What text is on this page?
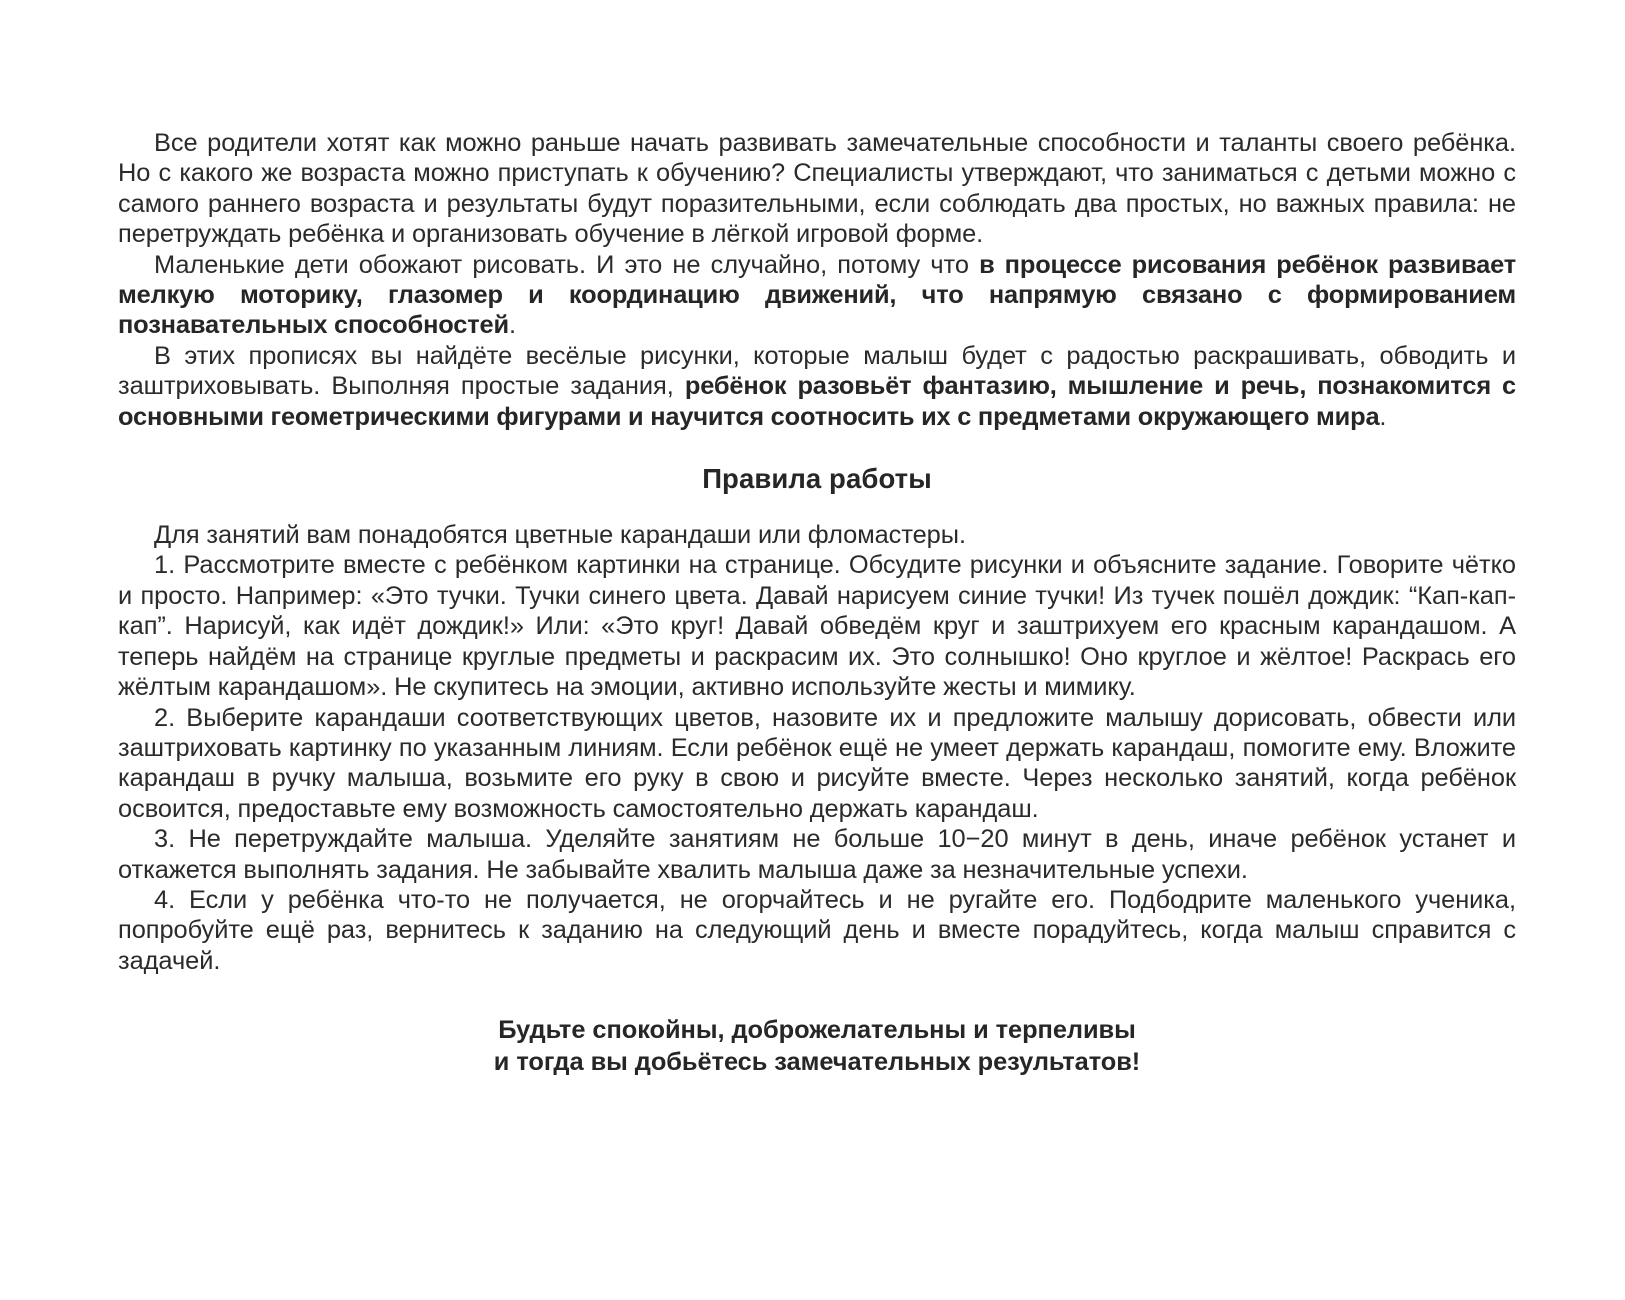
Все родители хотят как можно раньше начать развивать замечательные способности и таланты своего ребёнка. Но с какого же возраста можно приступать к обучению? Специалисты утверждают, что заниматься с детьми можно с самого раннего возраста и результаты будут поразительными, если соблюдать два простых, но важных правила: не перетруждать ребёнка и организовать обучение в лёгкой игровой форме.

Маленькие дети обожают рисовать. И это не случайно, потому что в процессе рисования ребёнок развивает мелкую моторику, глазомер и координацию движений, что напрямую связано с формированием познавательных способностей.

В этих прописях вы найдёте весёлые рисунки, которые малыш будет с радостью раскрашивать, обводить и заштриховывать. Выполняя простые задания, ребёнок разовьёт фантазию, мышление и речь, познакомится с основными геометрическими фигурами и научится соотносить их с предметами окружающего мира.

Правила работы

Для занятий вам понадобятся цветные карандаши или фломастеры.

1. Рассмотрите вместе с ребёнком картинки на странице. Обсудите рисунки и объясните задание. Говорите чётко и просто. Например: «Это тучки. Тучки синего цвета. Давай нарисуем синие тучки! Из тучек пошёл дождик: “Кап-кап-кап”. Нарисуй, как идёт дождик!» Или: «Это круг! Давай обведём круг и заштрихуем его красным карандашом. А теперь найдём на странице круглые предметы и раскрасим их. Это солнышко! Оно круглое и жёлтое! Раскрась его жёлтым карандашом». Не скупитесь на эмоции, активно используйте жесты и мимику.

2. Выберите карандаши соответствующих цветов, назовите их и предложите малышу дорисовать, обвести или заштриховать картинку по указанным линиям. Если ребёнок ещё не умеет держать карандаш, помогите ему. Вложите карандаш в ручку малыша, возьмите его руку в свою и рисуйте вместе. Через несколько занятий, когда ребёнок освоится, предоставьте ему возможность самостоятельно держать карандаш.

3. Не перетруждайте малыша. Уделяйте занятиям не больше 10−20 минут в день, иначе ребёнок устанет и откажется выполнять задания. Не забывайте хвалить малыша даже за незначительные успехи.

4. Если у ребёнка что-то не получается, не огорчайтесь и не ругайте его. Подбодрите маленького ученика, попробуйте ещё раз, вернитесь к заданию на следующий день и вместе порадуйтесь, когда малыш справится с задачей.

Будьте спокойны, доброжелательны и терпеливы
и тогда вы добьётесь замечательных результатов!
